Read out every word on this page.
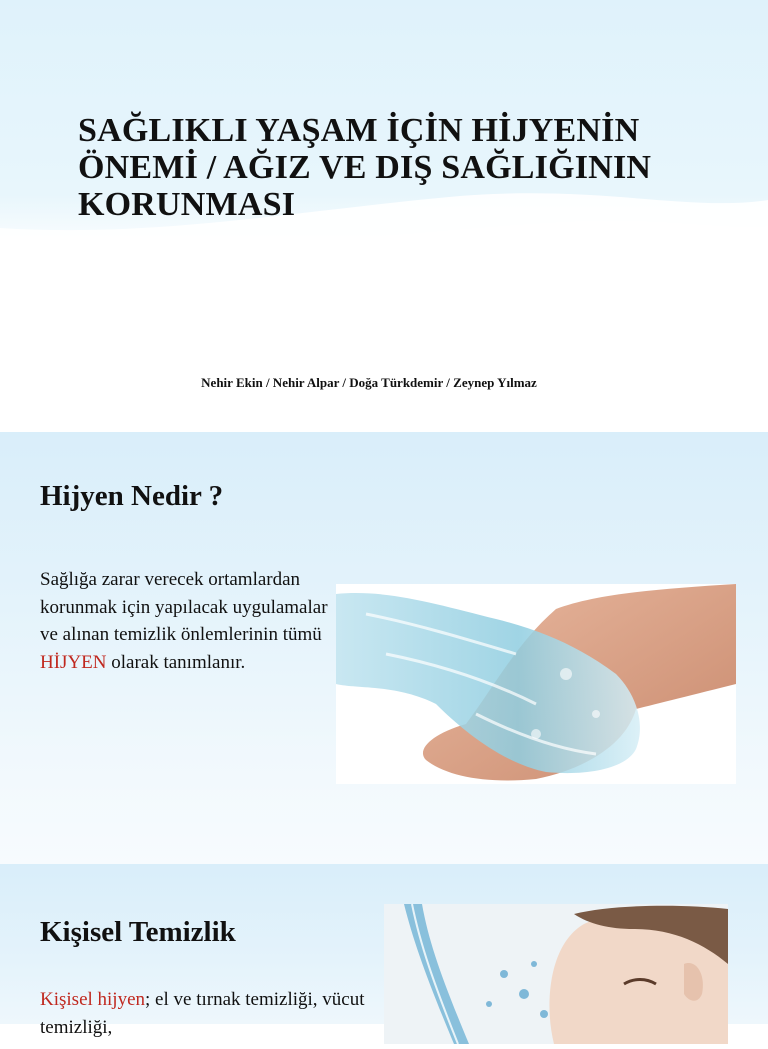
SAĞLIKLI YAŞAM İÇİN HİJYENİN ÖNEMİ / AĞIZ VE DIŞ SAĞLIĞININ KORUNMASI
Nehir Ekin / Nehir Alpar / Doğa Türkdemir / Zeynep Yılmaz
Hijyen Nedir ?
Sağlığa zarar verecek ortamlardan korunmak için yapılacak uygulamalar ve alınan temizlik önlemlerinin tümü HİJYEN olarak tanımlanır.
Kişisel Temizlik
Kişisel hijyen; el ve tırnak temizliği, vücut temizliği,
